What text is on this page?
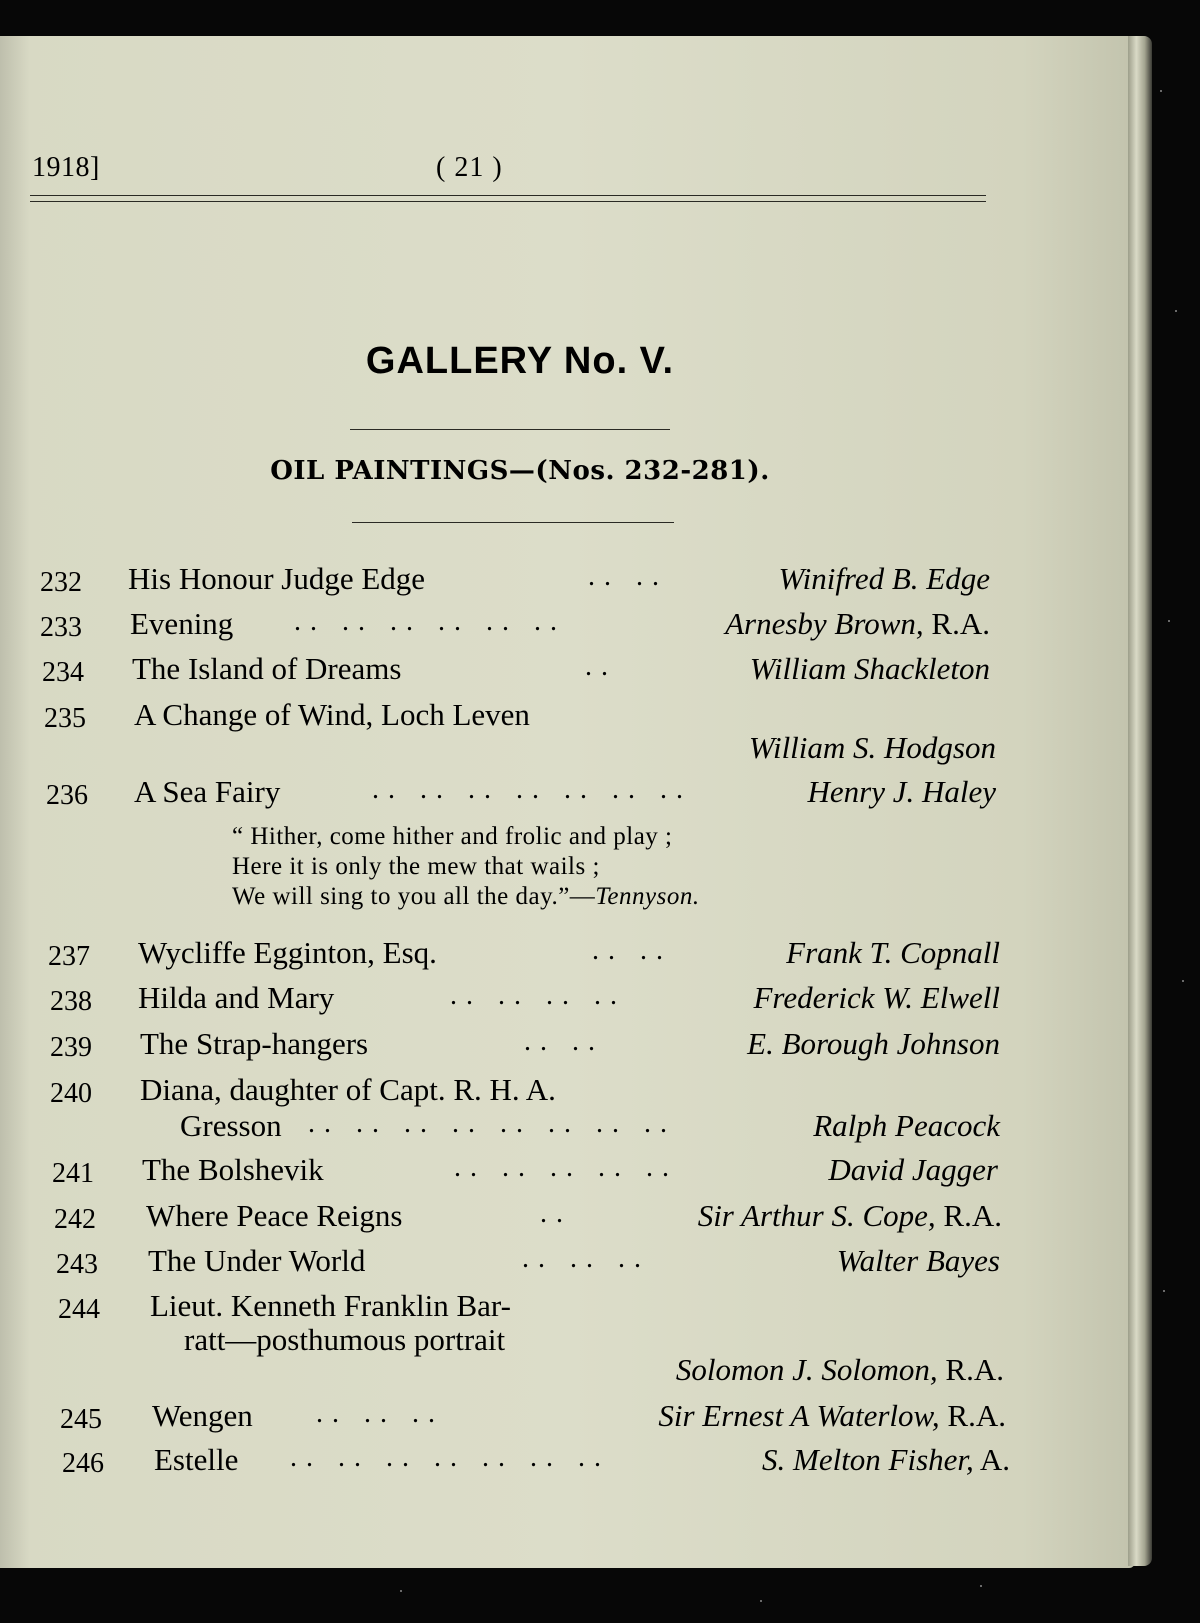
1918]	( 21 )
GALLERY No. V.
OIL PAINTINGS—(Nos. 232-281).
232 His Honour Judge Edge	.. ..	Winifred B. Edge
233 Evening .. .. .. .. .. ..	Arnesby Brown, R.A.
234 The Island of Dreams	..	William Shackleton
235 A Change of Wind, Loch Leven
William S. Hodgson
236 A Sea Fairy	.. .. .. .. .. .. ..	Henry J. Haley
“ Hither, come hither and frolic and play ;
Here it is only the mew that wails ;
We will sing to you all the day.”—Tennyson.
237 Wycliffe Egginton, Esq.	.. ..	Frank T. Copnall
238 Hilda and Mary	.. .. .. ..	Frederick W. Elwell
239 The Strap-hangers	.. ..	E. Borough Johnson
240 Diana, daughter of Capt. R. H. A.
Gresson .. .. .. .. .. .. .. ..	Ralph Peacock
241 The Bolshevik	.. .. .. .. ..	David Jagger
242 Where Peace Reigns	..	Sir Arthur S. Cope, R.A.
243 The Under World	.. .. ..	Walter Bayes
244 Lieut. Kenneth Franklin Bar-
ratt—posthumous portrait
Solomon J. Solomon, R.A.
245 Wengen .. .. ..	Sir Ernest A Waterlow, R.A.
246 Estelle .. .. .. .. .. .. ..	S. Melton Fisher, A.
